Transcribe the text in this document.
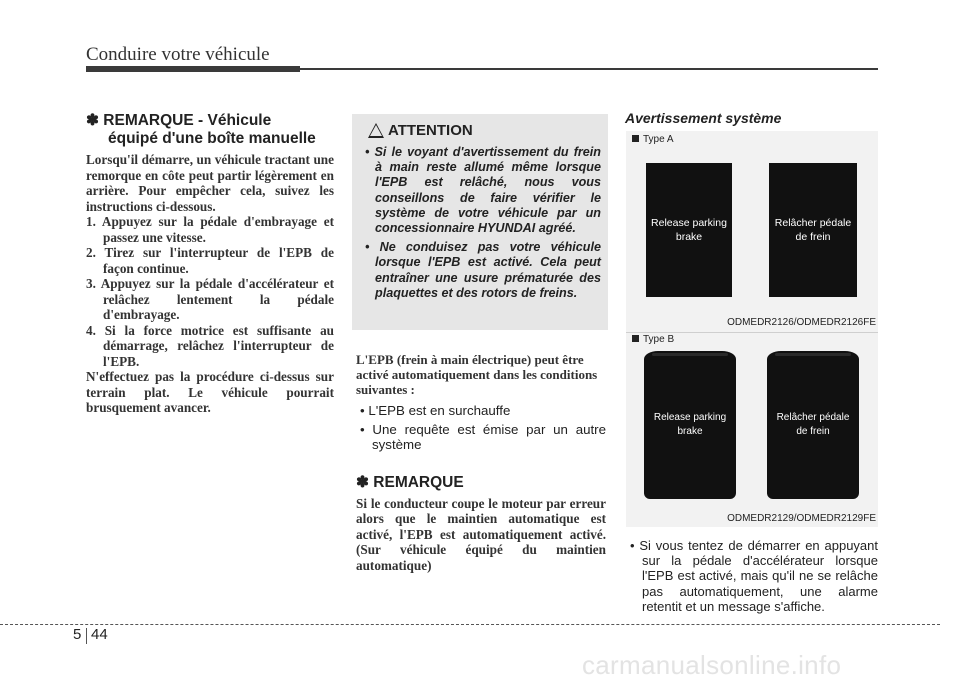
Conduire votre véhicule
✽ REMARQUE - Véhicule
équipé d'une boîte manuelle

Lorsqu'il démarre, un véhicule tractant une remorque en côte peut partir légèrement en arrière. Pour empêcher cela, suivez les instructions ci-dessous.

1. Appuyez sur la pédale d'embrayage et passez une vitesse.
2. Tirez sur l'interrupteur de l'EPB de façon continue.
3. Appuyez sur la pédale d'accélérateur et relâchez lentement la pédale d'embrayage.
4. Si la force motrice est suffisante au démarrage, relâchez l'interrupteur de l'EPB.

N'effectuez pas la procédure ci-dessus sur terrain plat. Le véhicule pourrait brusquement avancer.

ATTENTION
• Si le voyant d'avertissement du frein à main reste allumé même lorsque l'EPB est relâché, nous vous conseillons de faire vérifier le système de votre véhicule par un concessionnaire HYUNDAI agréé.
• Ne conduisez pas votre véhicule lorsque l'EPB est activé. Cela peut entraîner une usure prématurée des plaquettes et des rotors de freins.

L'EPB (frein à main électrique) peut être activé automatiquement dans les conditions suivantes :

• L'EPB est en surchauffe
• Une requête est émise par un autre système
✽ REMARQUE

Si le conducteur coupe le moteur par erreur alors que le maintien automatique est activé, l'EPB est automatiquement activé. (Sur véhicule équipé du maintien automatique)

Avertissement système
Type A
Release parking brake
Relâcher pédale de frein
ODMEDR2126/ODMEDR2126FE
Type B
Release parking brake
Relâcher pédale de frein
ODMEDR2129/ODMEDR2129FE
• Si vous tentez de démarrer en appuyant sur la pédale d'accélérateur lorsque l'EPB est activé, mais qu'il ne se relâche pas automatiquement, une alarme retentit et un message s'affiche.
5 44
carmanualsonline.info
